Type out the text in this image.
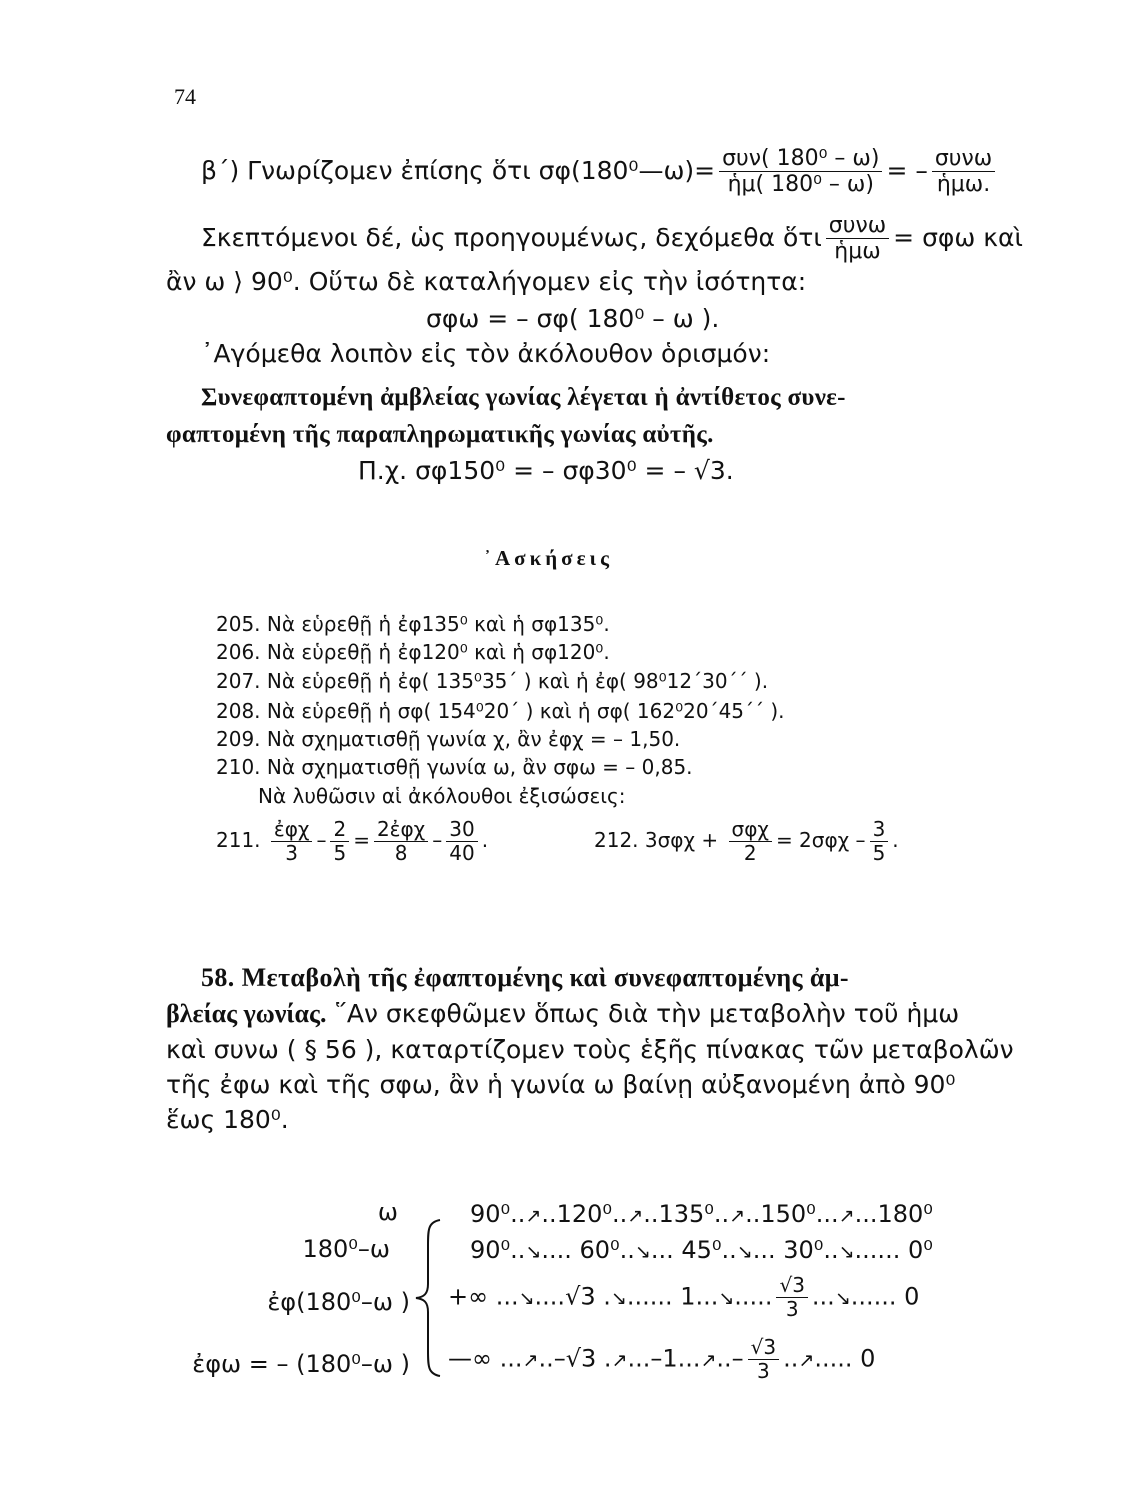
74
β΄) Γνωρίζομεν ἐπίσης ὅτι σφ(180⁰—ω)= $\frac{\text{συν( 180⁰ – ω)}}{\text{ἡμ( 180⁰ – ω)}}$ = – $\frac{\text{συνω}}{\text{ἡμω.}}$
Σκεπτόμενοι δέ, ὡς προηγουμένως, δεχόμεθα ὅτι $\frac{\text{συνω}}{\text{ἡμω}} = \sigma\varphi\omega$ καὶ
ἂν ω ⟩ 90⁰. Οὕτω δὲ καταλήγομεν εἰς τὴν ἰσότητα:
σφω = – σφ( 180⁰ – ω ).
᾿Αγόμεθα λοιπὸν εἰς τὸν ἀκόλουθον ὁρισμόν:
Συνεφαπτομένη ἀμβλείας γωνίας λέγεται ἡ ἀντίθετος συνε-
φαπτομένη τῆς παραπληρωματικῆς γωνίας αὐτῆς.
Π.χ. σφ150⁰ = – σφ30⁰ = – √3.
᾿Ασκήσεις
205. Νὰ εὑρεθῇ ἡ ἐφ135⁰ καὶ ἡ σφ135⁰.
206. Νὰ εὑρεθῇ ἡ ἐφ120⁰ καὶ ἡ σφ120⁰.
207. Νὰ εὑρεθῇ ἡ ἐφ( 135⁰35΄ ) καὶ ἡ ἐφ( 98⁰12΄30΄΄ ).
208. Νὰ εὑρεθῇ ἡ σφ( 154⁰20΄ ) καὶ ἡ σφ( 162⁰20΄45΄΄ ).
209. Νὰ σχηματισθῇ γωνία χ, ἂν ἐφχ = – 1,50.
210. Νὰ σχηματισθῇ γωνία ω, ἂν σφω = – 0,85.
Νὰ λυθῶσιν αἱ ἀκόλουθοι ἐξισώσεις:
211. $\frac{\text{ἐφχ}}{3} - \frac{2}{5} = \frac{\text{2ἐφχ}}{8} - \frac{30}{40}$ .	212. $3\sigma\varphi\chi + \frac{\text{σφχ}}{2} = 2\sigma\varphi\chi - \frac{3}{5}$ .
58. Μεταβολὴ τῆς ἐφαπτομένης καὶ συνεφαπτομένης ἀμ-
βλείας γωνίας. ῞Αν σκεφθῶμεν ὅπως διὰ τὴν μεταβολὴν τοῦ ἡμω
καὶ συνω ( § 56 ), καταρτίζομεν τοὺς ἑξῆς πίνακας τῶν μεταβολῶν
τῆς ἐφω καὶ τῆς σφω, ἂν ἡ γωνία ω βαίνῃ αὐξανομένη ἀπὸ 90⁰
ἕως 180⁰.
ω
180⁰–ω
ἐφ(180⁰–ω )
ἐφω = – (180⁰–ω )
90⁰..↗..120⁰..↗..135⁰..↗..150⁰...↗...180⁰
90⁰..↘.... 60⁰..↘... 45⁰..↘... 30⁰..↘...... 0⁰
+∞ ...↘....√3 .↘...... 1...↘..... $\frac{√3}{3}$ ...↘...... 0
—∞ ...↗..–√3 .↗...–1...↗..– $\frac{√3}{3}$ ..↗..... 0
